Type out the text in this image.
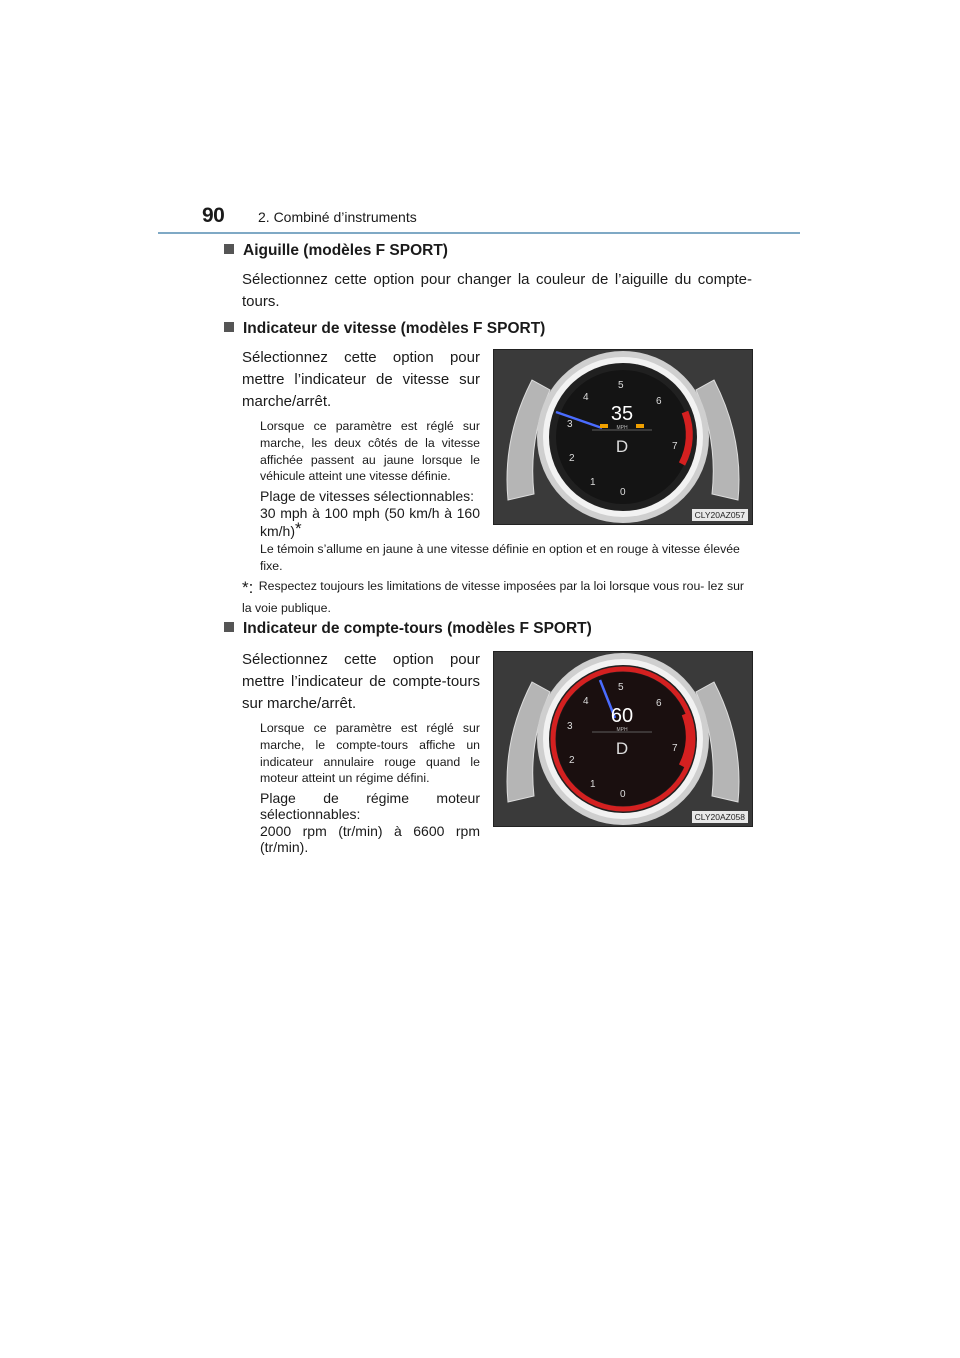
90 2. Combiné d’instruments
Aiguille (modèles F SPORT)
Sélectionnez cette option pour changer la couleur de l’aiguille du compte-tours.
Indicateur de vitesse (modèles F SPORT)
Sélectionnez cette option pour mettre l’indicateur de vitesse sur marche/arrêt.
Lorsque ce paramètre est réglé sur marche, les deux côtés de la vitesse affichée passent au jaune lorsque le véhicule atteint une vitesse définie.
Plage de vitesses sélectionnables:
30 mph à 100 mph (50 km/h à 160 km/h)*
Le témoin s’allume en jaune à une vitesse définie en option et en rouge à vitesse élevée fixe.
*: Respectez toujours les limitations de vitesse imposées par la loi lorsque vous rou- lez sur la voie publique.
0
1
2
3
4
5
6
7
35
MPH
D
CLY20AZ057
Indicateur de compte-tours (modèles F SPORT)
Sélectionnez cette option pour mettre l’indicateur de compte-tours sur marche/arrêt.
Lorsque ce paramètre est réglé sur marche, le compte-tours affiche un indicateur annulaire rouge quand le moteur atteint un régime défini.
Plage de régime moteur sélectionnables:
2000 rpm (tr/min) à 6600 rpm (tr/min).
0
1
2
3
4
5
6
7
60
MPH
D
CLY20AZ058
